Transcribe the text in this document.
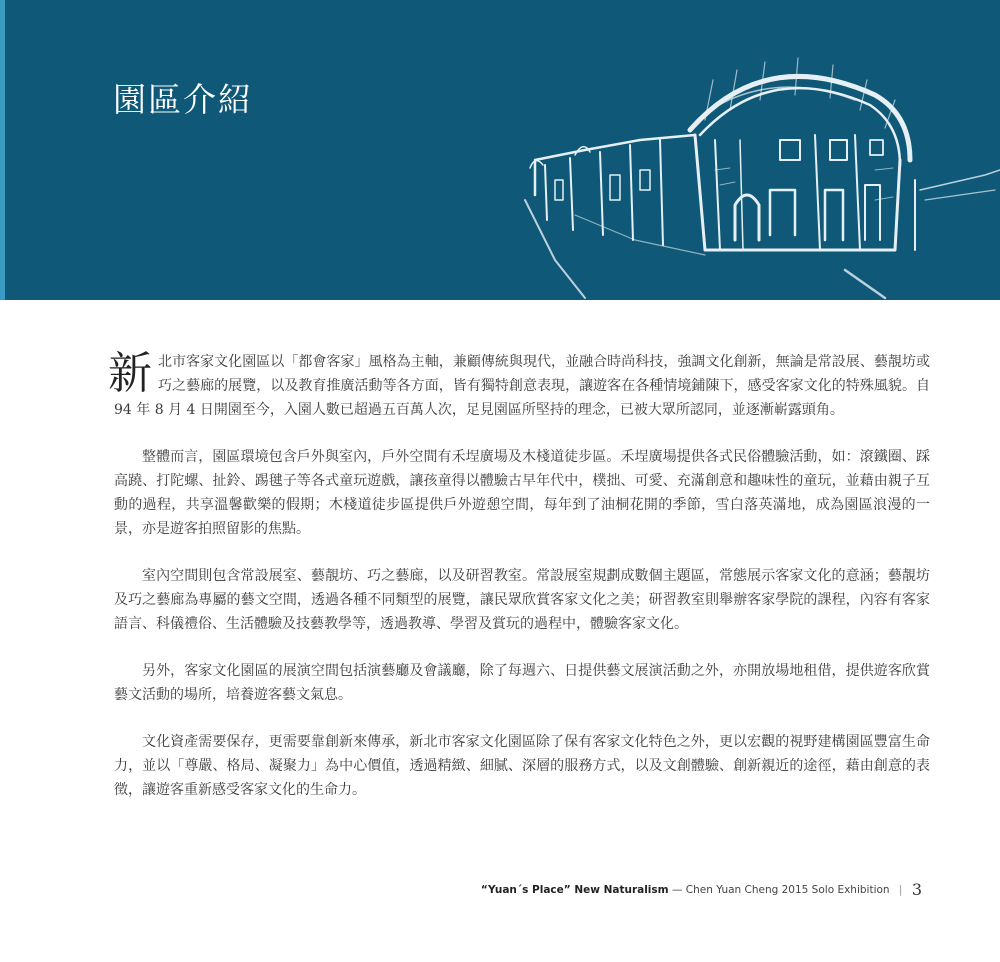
園區介紹

新北市客家文化園區以「都會客家」風格為主軸，兼顧傳統與現代，並融合時尚科技，強調文化創新，無論是常設展、藝靚坊或巧之藝廊的展覽，以及教育推廣活動等各方面，皆有獨特創意表現，讓遊客在各種情境鋪陳下，感受客家文化的特殊風貌。自 94 年 8 月 4 日開園至今，入園人數已超過五百萬人次，足見園區所堅持的理念，已被大眾所認同，並逐漸嶄露頭角。

整體而言，園區環境包含戶外與室內，戶外空間有禾埕廣場及木棧道徒步區。禾埕廣場提供各式民俗體驗活動，如：滾鐵圈、踩高蹺、打陀螺、扯鈴、踢毽子等各式童玩遊戲，讓孩童得以體驗古早年代中，樸拙、可愛、充滿創意和趣味性的童玩，並藉由親子互動的過程，共享溫馨歡樂的假期；木棧道徒步區提供戶外遊憩空間，每年到了油桐花開的季節，雪白落英滿地，成為園區浪漫的一景，亦是遊客拍照留影的焦點。

室內空間則包含常設展室、藝靚坊、巧之藝廊，以及研習教室。常設展室規劃成數個主題區，常態展示客家文化的意涵；藝靚坊及巧之藝廊為專屬的藝文空間，透過各種不同類型的展覽，讓民眾欣賞客家文化之美；研習教室則舉辦客家學院的課程，內容有客家語言、科儀禮俗、生活體驗及技藝教學等，透過教導、學習及賞玩的過程中，體驗客家文化。

另外，客家文化園區的展演空間包括演藝廳及會議廳，除了每週六、日提供藝文展演活動之外，亦開放場地租借，提供遊客欣賞藝文活動的場所，培養遊客藝文氣息。

文化資產需要保存，更需要靠創新來傳承，新北市客家文化園區除了保有客家文化特色之外，更以宏觀的視野建構園區豐富生命力，並以「尊嚴、格局、凝聚力」為中心價值，透過精緻、細膩、深層的服務方式，以及文創體驗、創新親近的途徑，藉由創意的表徵，讓遊客重新感受客家文化的生命力。

“Yuan´s Place” New Naturalism — Chen Yuan Cheng 2015 Solo Exhibition | 3
